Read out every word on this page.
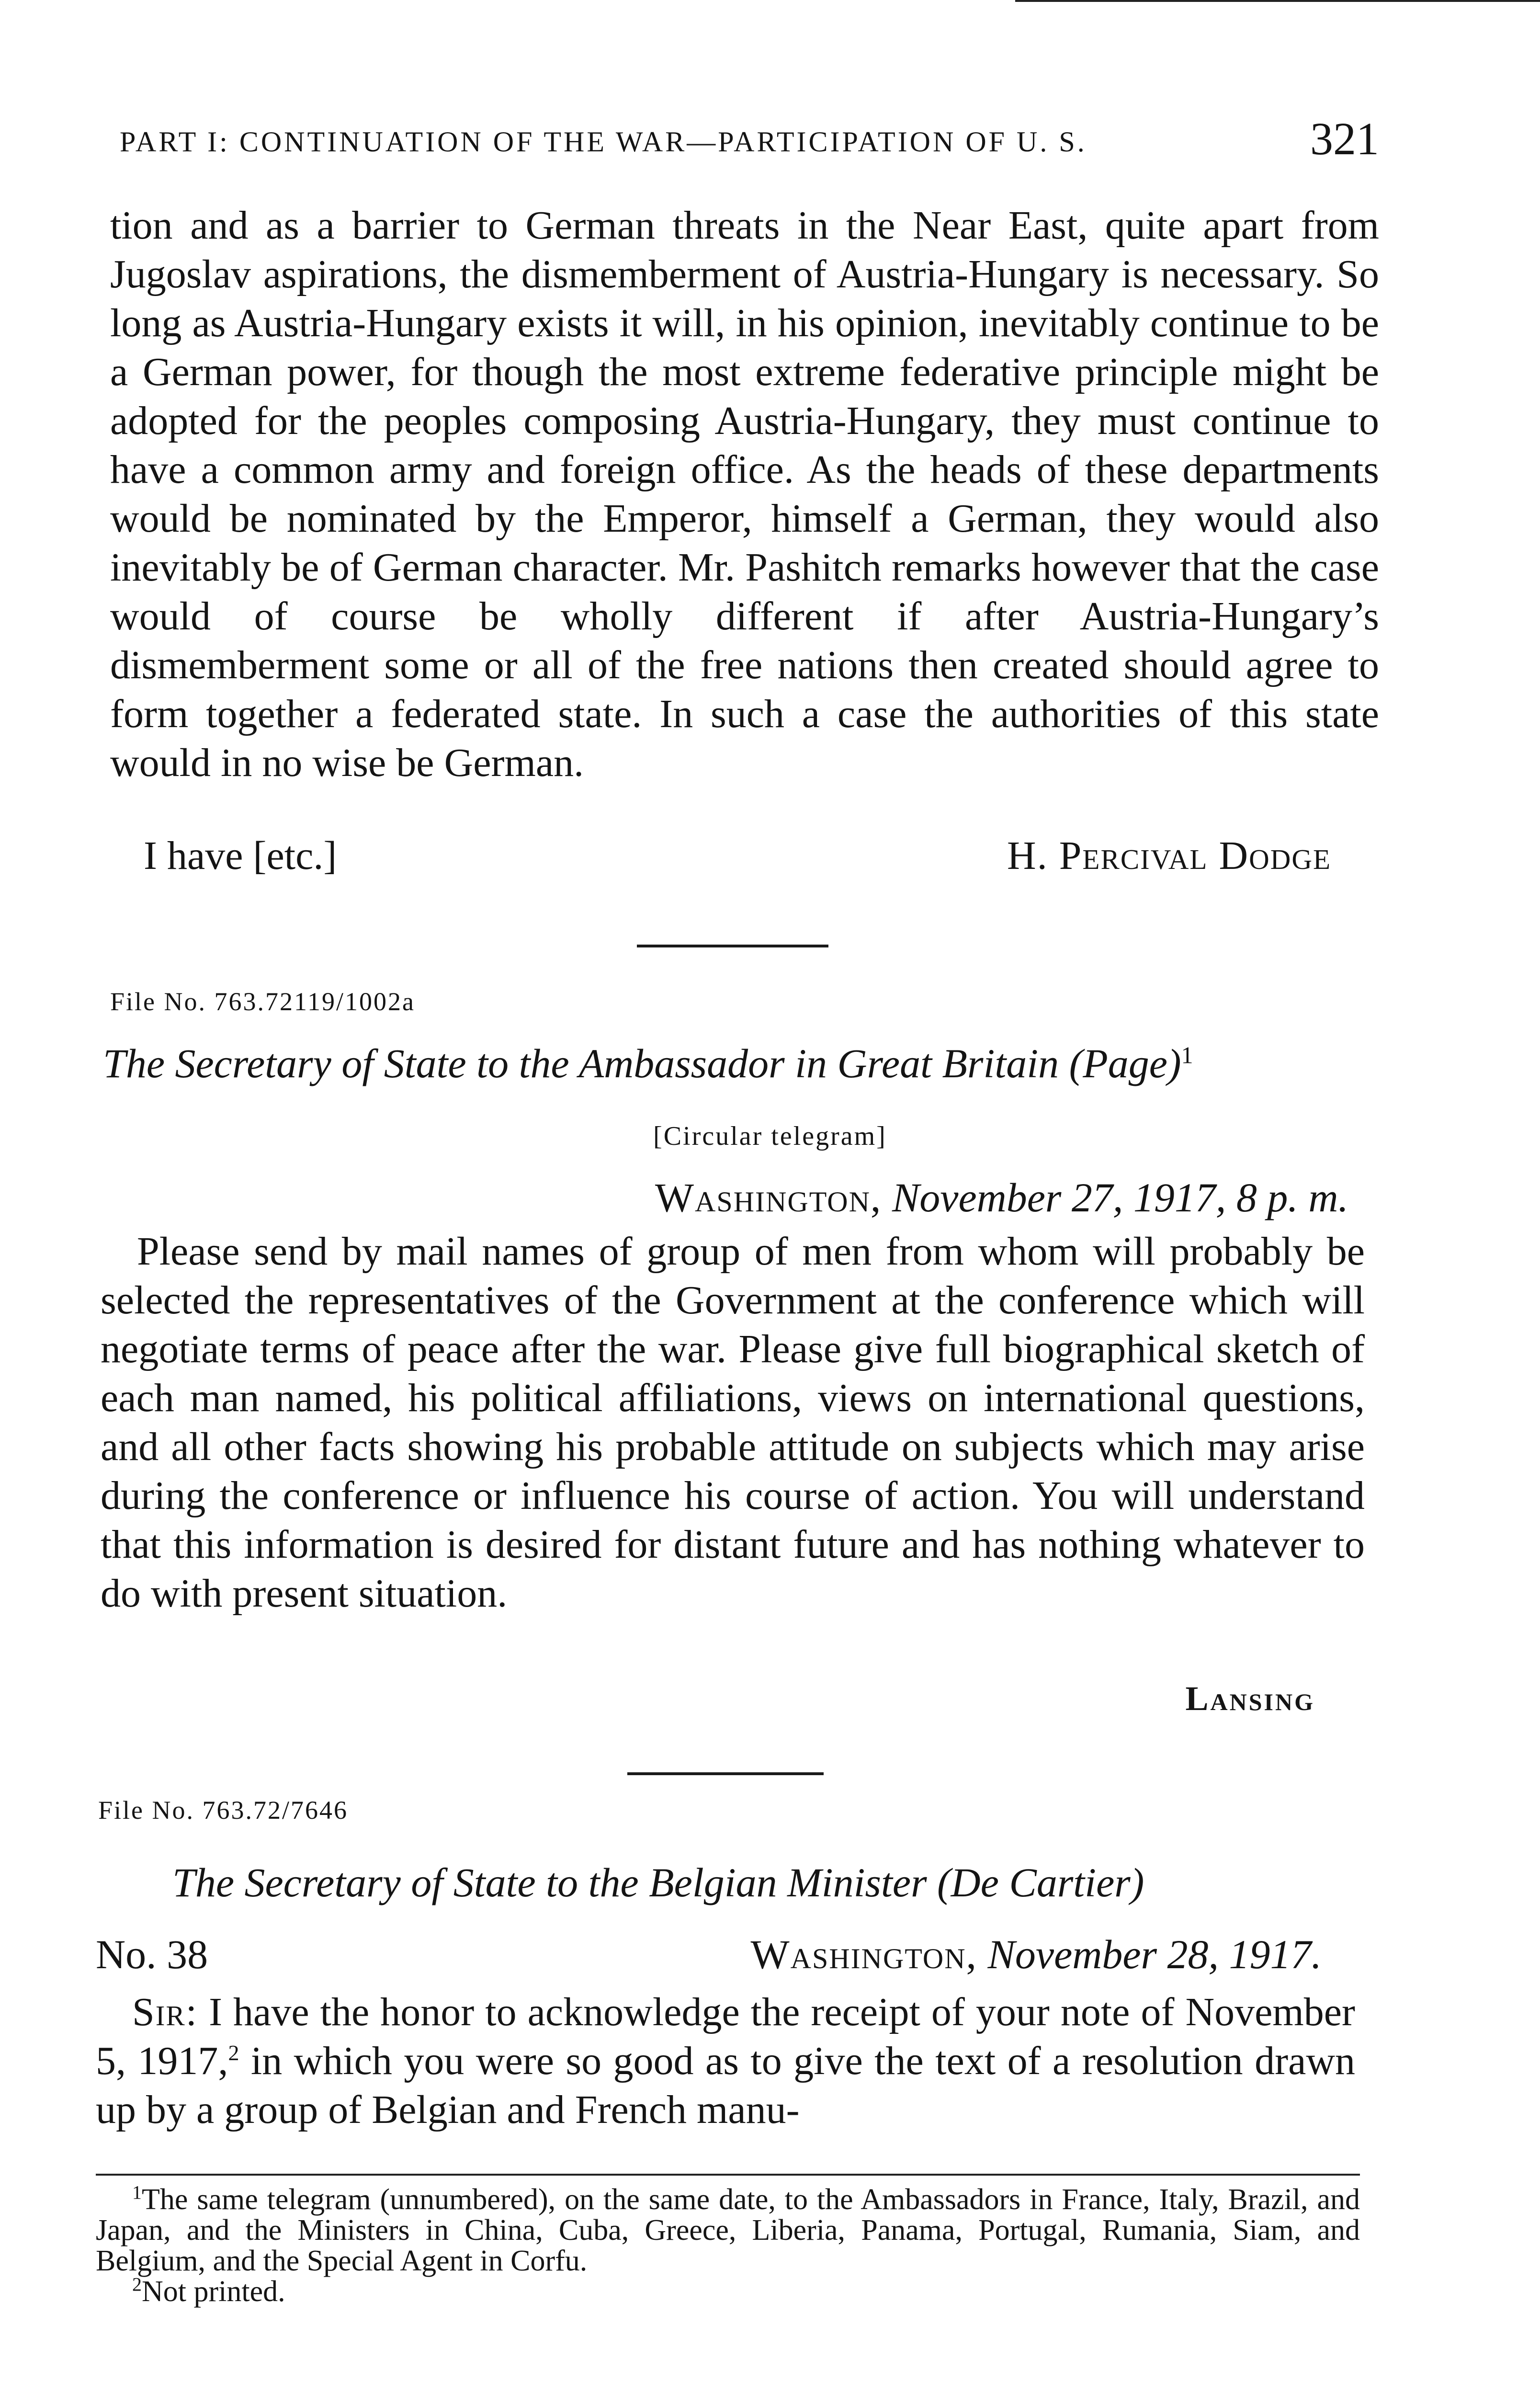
PART I: CONTINUATION OF THE WAR—PARTICIPATION OF U. S.	321

tion and as a barrier to German threats in the Near East, quite apart from Jugoslav aspirations, the dismemberment of Austria-Hungary is necessary. So long as Austria-Hungary exists it will, in his opinion, inevitably continue to be a German power, for though the most extreme federative principle might be adopted for the peoples composing Austria-Hungary, they must continue to have a common army and foreign office. As the heads of these departments would be nominated by the Emperor, himself a German, they would also inevitably be of German character. Mr. Pashitch remarks however that the case would of course be wholly different if after Austria-Hungary’s dismemberment some or all of the free nations then created should agree to form together a federated state. In such a case the authorities of this state would in no wise be German.

I have [etc.]	H. Percival Dodge
File No. 763.72119/1002a
The Secretary of State to the Ambassador in Great Britain (Page)$^1$
[Circular telegram]
Washington, November 27, 1917, 8 p. m.

Please send by mail names of group of men from whom will probably be selected the representatives of the Government at the conference which will negotiate terms of peace after the war. Please give full biographical sketch of each man named, his political affiliations, views on international questions, and all other facts showing his probable attitude on subjects which may arise during the conference or influence his course of action. You will understand that this information is desired for distant future and has nothing whatever to do with present situation.

Lansing
File No. 763.72/7646
The Secretary of State to the Belgian Minister (De Cartier)
No. 38	Washington, November 28, 1917.

Sir: I have the honor to acknowledge the receipt of your note of November 5, 1917,$^2$ in which you were so good as to give the text of a resolution drawn up by a group of Belgian and French manu-

$^1$The same telegram (unnumbered), on the same date, to the Ambassadors in France, Italy, Brazil, and Japan, and the Ministers in China, Cuba, Greece, Liberia, Panama, Portugal, Rumania, Siam, and Belgium, and the Special Agent in Corfu.

$^2$Not printed.
